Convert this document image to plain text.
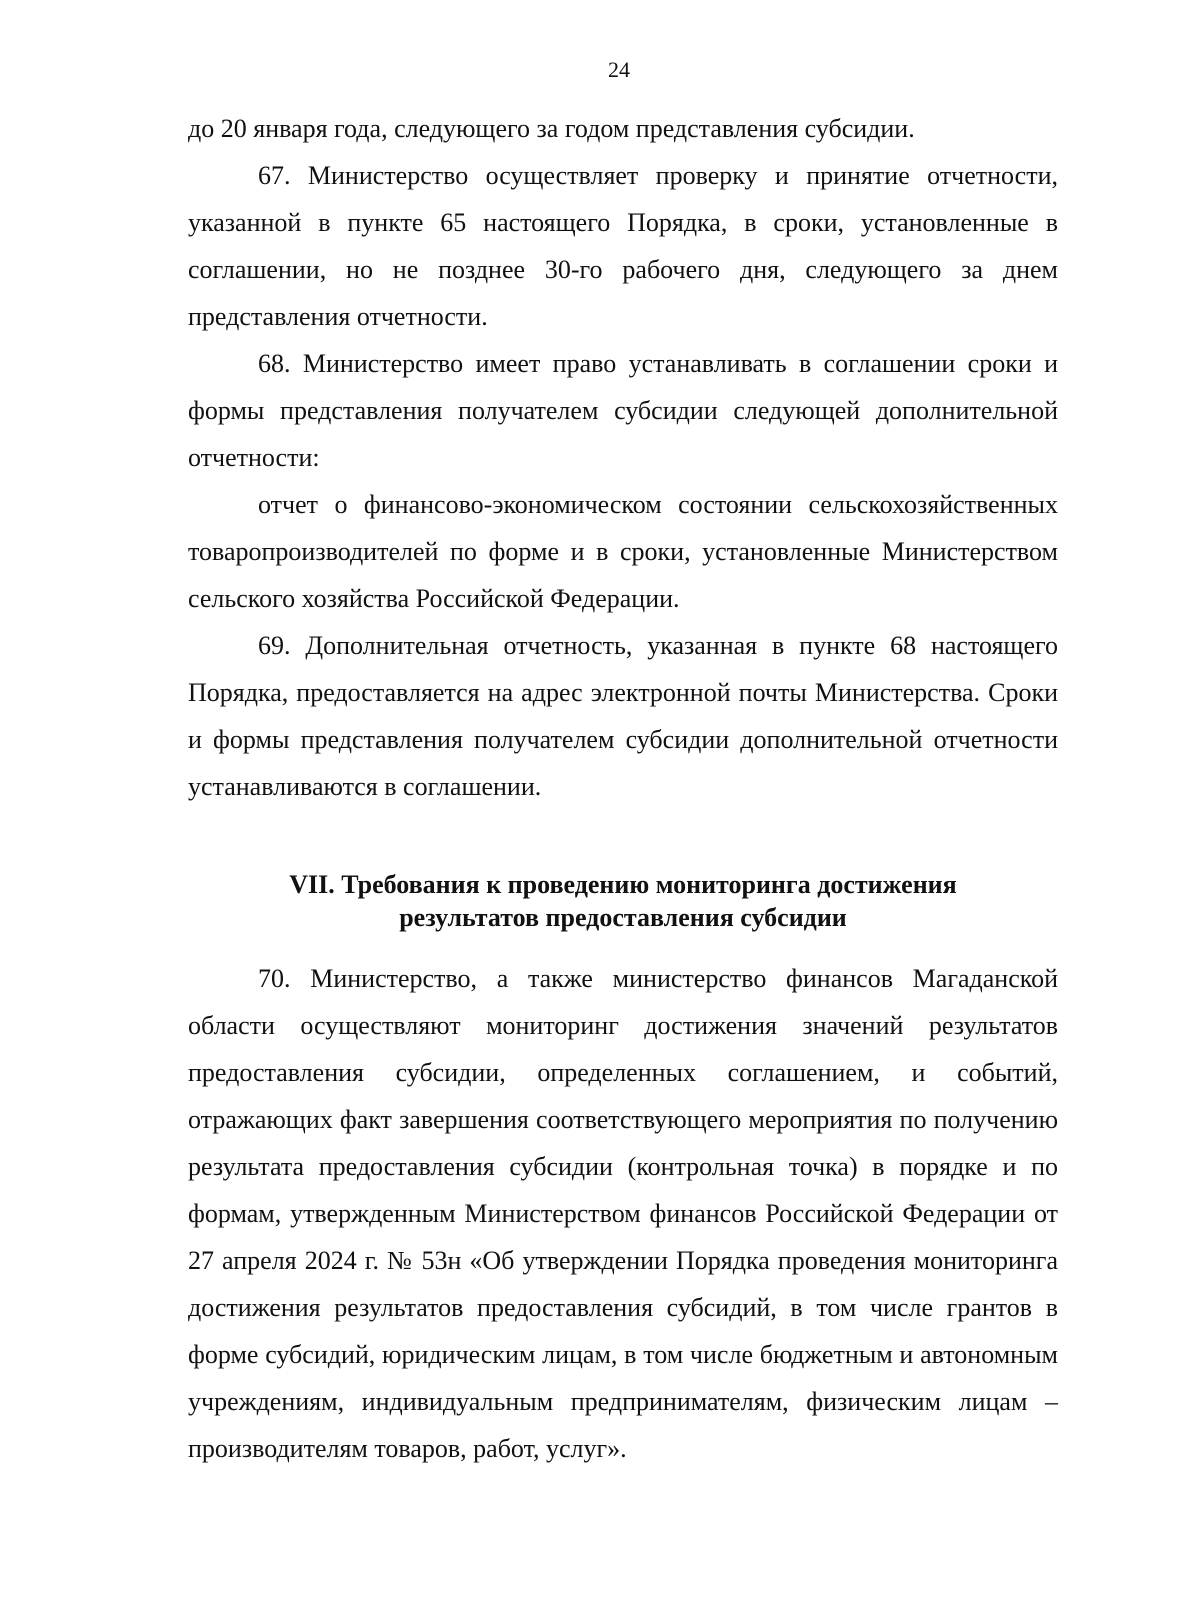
24

до 20 января года, следующего за годом представления субсидии.

67. Министерство осуществляет проверку и принятие отчетности, указанной в пункте 65 настоящего Порядка, в сроки, установленные в соглашении, но не позднее 30-го рабочего дня, следующего за днем представления отчетности.

68. Министерство имеет право устанавливать в соглашении сроки и формы представления получателем субсидии следующей дополнительной отчетности:

отчет о финансово-экономическом состоянии сельскохозяйственных товаропроизводителей по форме и в сроки, установленные Министерством сельского хозяйства Российской Федерации.

69. Дополнительная отчетность, указанная в пункте 68 настоящего Порядка, предоставляется на адрес электронной почты Министерства. Сроки и формы представления получателем субсидии дополнительной отчетности устанавливаются в соглашении.

VII. Требования к проведению мониторинга достижения
результатов предоставления субсидии

70. Министерство, а также министерство финансов Магаданской области осуществляют мониторинг достижения значений результатов предоставления субсидии, определенных соглашением, и событий, отражающих факт завершения соответствующего мероприятия по получению результата предоставления субсидии (контрольная точка) в порядке и по формам, утвержденным Министерством финансов Российской Федерации от 27 апреля 2024 г. № 53н «Об утверждении Порядка проведения мониторинга достижения результатов предоставления субсидий, в том числе грантов в форме субсидий, юридическим лицам, в том числе бюджетным и автономным учреждениям, индивидуальным предпринимателям, физическим лицам – производителям товаров, работ, услуг».
